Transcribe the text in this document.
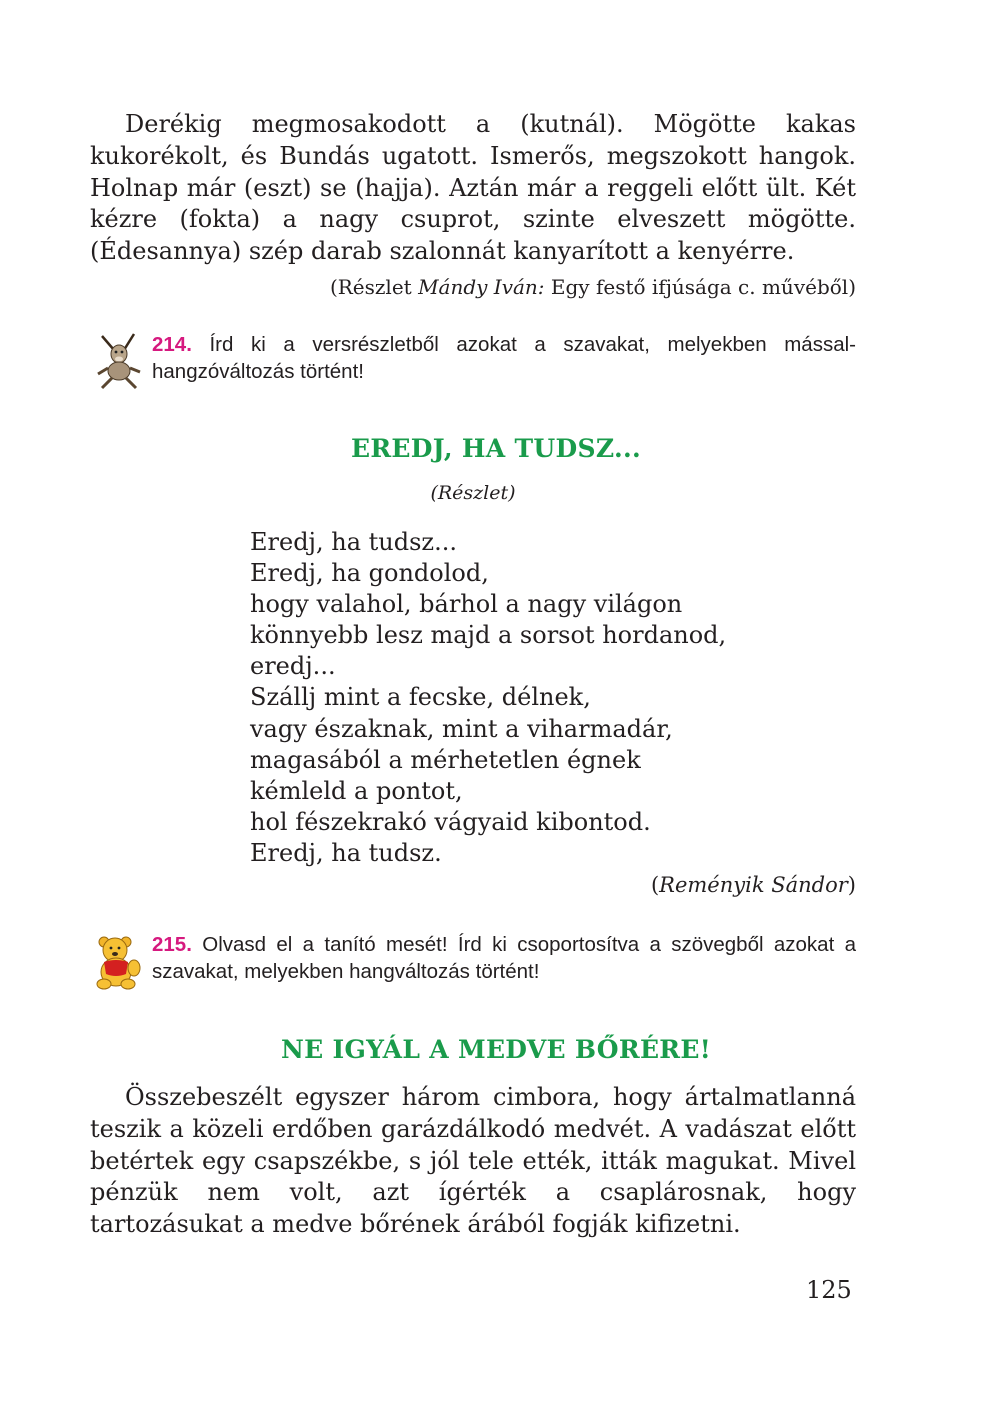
Derékig megmosakodott a (kutnál). Mögötte kakas kukorékolt, és Bundás ugatott. Ismerős, megszokott hangok. Holnap már (eszt) se (hajja). Aztán már a reggeli előtt ült. Két kézre (fokta) a nagy csuprot, szinte elveszett mögötte. (Édesannya) szép darab szalonnát kanyarított a kenyérre.

(Részlet Mándy Iván: Egy festő ifjúsága c. művéből)

214. Írd ki a versrészletből azokat a szavakat, melyekben mássalhangzóváltozás történt!

EREDJ, HA TUDSZ...

(Részlet)

Eredj, ha tudsz...
Eredj, ha gondolod,
hogy valahol, bárhol a nagy világon
könnyebb lesz majd a sorsot hordanod,
eredj...
Szállj mint a fecske, délnek,
vagy északnak, mint a viharmadár,
magasából a mérhetetlen égnek
kémleld a pontot,
hol fészekrakó vágyaid kibontod.
Eredj, ha tudsz.

(Reményik Sándor)

215. Olvasd el a tanító mesét! Írd ki csoportosítva a szövegből azokat a szavakat, melyekben hangváltozás történt!

NE IGYÁL A MEDVE BŐRÉRE!

Összebeszélt egyszer három cimbora, hogy ártalmatlanná teszik a közeli erdőben garázdálkodó medvét. A vadászat előtt betértek egy csapszékbe, s jól tele ették, itták magukat. Mivel pénzük nem volt, azt ígérték a csaplárosnak, hogy tartozásukat a medve bőrének árából fogják kifizetni.

125
